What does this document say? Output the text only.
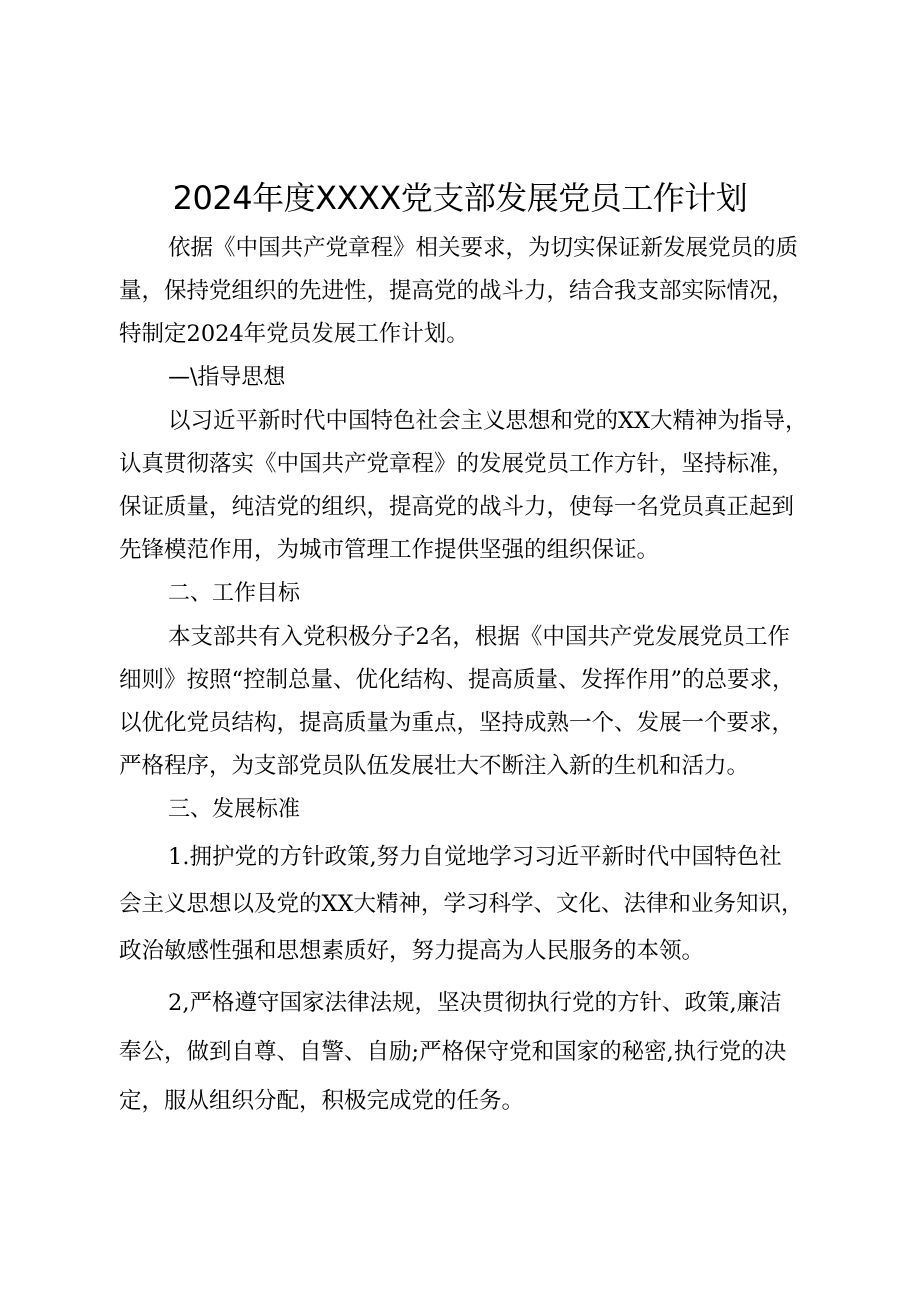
2024年度XXXX党支部发展党员工作计划
依据《中国共产党章程》相关要求，为切实保证新发展党员的质
量，保持党组织的先进性，提高党的战斗力，结合我支部实际情况，
特制定2024年党员发展工作计划。
—\指导思想
以习近平新时代中国特色社会主义思想和党的XX大精神为指导，
认真贯彻落实《中国共产党章程》的发展党员工作方针，坚持标准，
保证质量，纯洁党的组织，提高党的战斗力，使每一名党员真正起到
先锋模范作用，为城市管理工作提供坚强的组织保证。
二、工作目标
本支部共有入党积极分子2名，根据《中国共产党发展党员工作
细则》按照“控制总量、优化结构、提高质量、发挥作用”的总要求，
以优化党员结构，提高质量为重点，坚持成熟一个、发展一个要求，
严格程序，为支部党员队伍发展壮大不断注入新的生机和活力。
三、发展标准
1.拥护党的方针政策,努力自觉地学习习近平新时代中国特色社
会主义思想以及党的XX大精神，学习科学、文化、法律和业务知识，
政治敏感性强和思想素质好，努力提高为人民服务的本领。
2,严格遵守国家法律法规，坚决贯彻执行党的方针、政策,廉洁
奉公，做到自尊、自警、自励;严格保守党和国家的秘密,执行党的决
定，服从组织分配，积极完成党的任务。
